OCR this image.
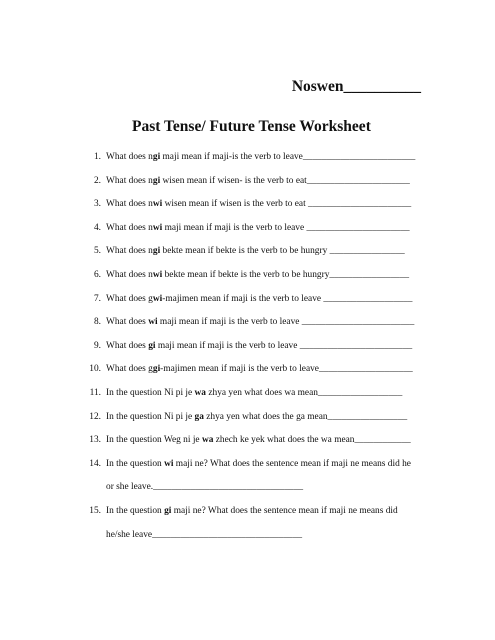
Noswen__________
Past Tense/ Future Tense Worksheet
1. What does ngi maji mean if maji-is the verb to leave________________________
2. What does ngi wisen mean if wisen- is the verb to eat______________________
3. What does nwi wisen mean if wisen is the verb to eat ______________________
4. What does nwi maji mean if maji is the verb to leave ______________________
5. What does ngi bekte mean if bekte is the verb to be hungry ________________
6. What does nwi bekte mean if bekte is the verb to be hungry_________________
7. What does gwi-majimen mean if maji is the verb to leave ___________________
8. What does wi maji mean if maji is the verb to leave ________________________
9. What does gi maji mean if maji is the verb to leave ________________________
10. What does ggi-majimen mean if maji is the verb to leave____________________
11. In the question Ni pi je wa zhya yen what does wa mean__________________
12. In the question Ni pi je ga zhya yen what does the ga mean_________________
13. In the question Weg ni je wa zhech ke yek what does the wa mean____________
14. In the question wi maji ne? What does the sentence mean if maji ne means did he
or she leave.________________________________
15. In the question gi maji ne? What does the sentence mean if maji ne means did
he/she leave________________________________
